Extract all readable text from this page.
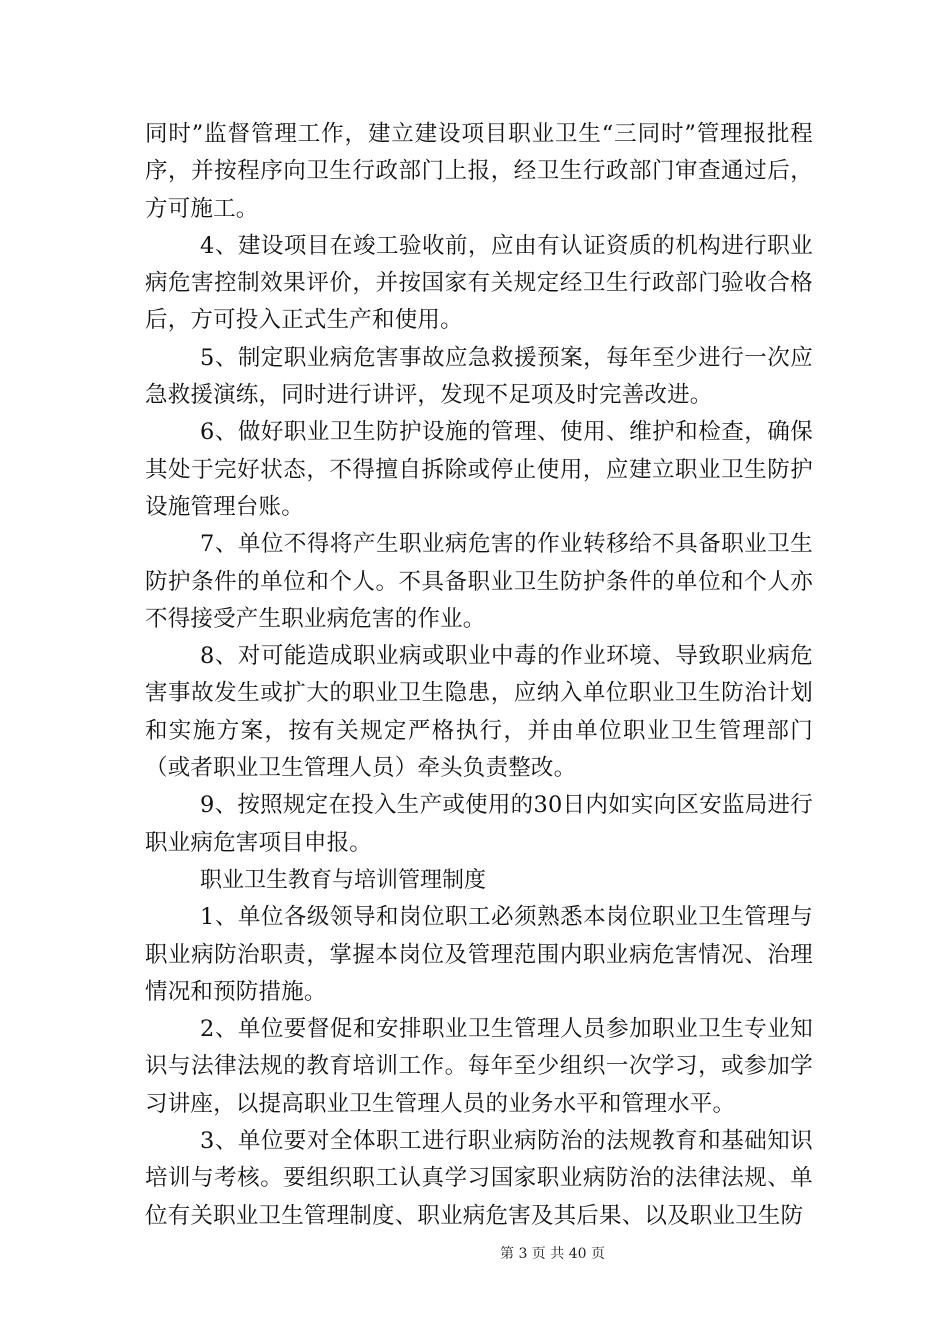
同时”监督管理工作，建立建设项目职业卫生“三同时”管理报批程序，并按程序向卫生行政部门上报，经卫生行政部门审查通过后，方可施工。

4、建设项目在竣工验收前，应由有认证资质的机构进行职业病危害控制效果评价，并按国家有关规定经卫生行政部门验收合格后，方可投入正式生产和使用。

5、制定职业病危害事故应急救援预案，每年至少进行一次应急救援演练，同时进行讲评，发现不足项及时完善改进。

6、做好职业卫生防护设施的管理、使用、维护和检查，确保其处于完好状态，不得擅自拆除或停止使用，应建立职业卫生防护设施管理台账。

7、单位不得将产生职业病危害的作业转移给不具备职业卫生防护条件的单位和个人。不具备职业卫生防护条件的单位和个人亦不得接受产生职业病危害的作业。

8、对可能造成职业病或职业中毒的作业环境、导致职业病危害事故发生或扩大的职业卫生隐患，应纳入单位职业卫生防治计划和实施方案，按有关规定严格执行，并由单位职业卫生管理部门（或者职业卫生管理人员）牵头负责整改。

9、按照规定在投入生产或使用的30日内如实向区安监局进行职业病危害项目申报。

职业卫生教育与培训管理制度

1、单位各级领导和岗位职工必须熟悉本岗位职业卫生管理与职业病防治职责，掌握本岗位及管理范围内职业病危害情况、治理情况和预防措施。

2、单位要督促和安排职业卫生管理人员参加职业卫生专业知识与法律法规的教育培训工作。每年至少组织一次学习，或参加学习讲座，以提高职业卫生管理人员的业务水平和管理水平。

3、单位要对全体职工进行职业病防治的法规教育和基础知识培训与考核。要组织职工认真学习国家职业病防治的法律法规、单位有关职业卫生管理制度、职业病危害及其后果、以及职业卫生防

第 3 页 共 40 页
